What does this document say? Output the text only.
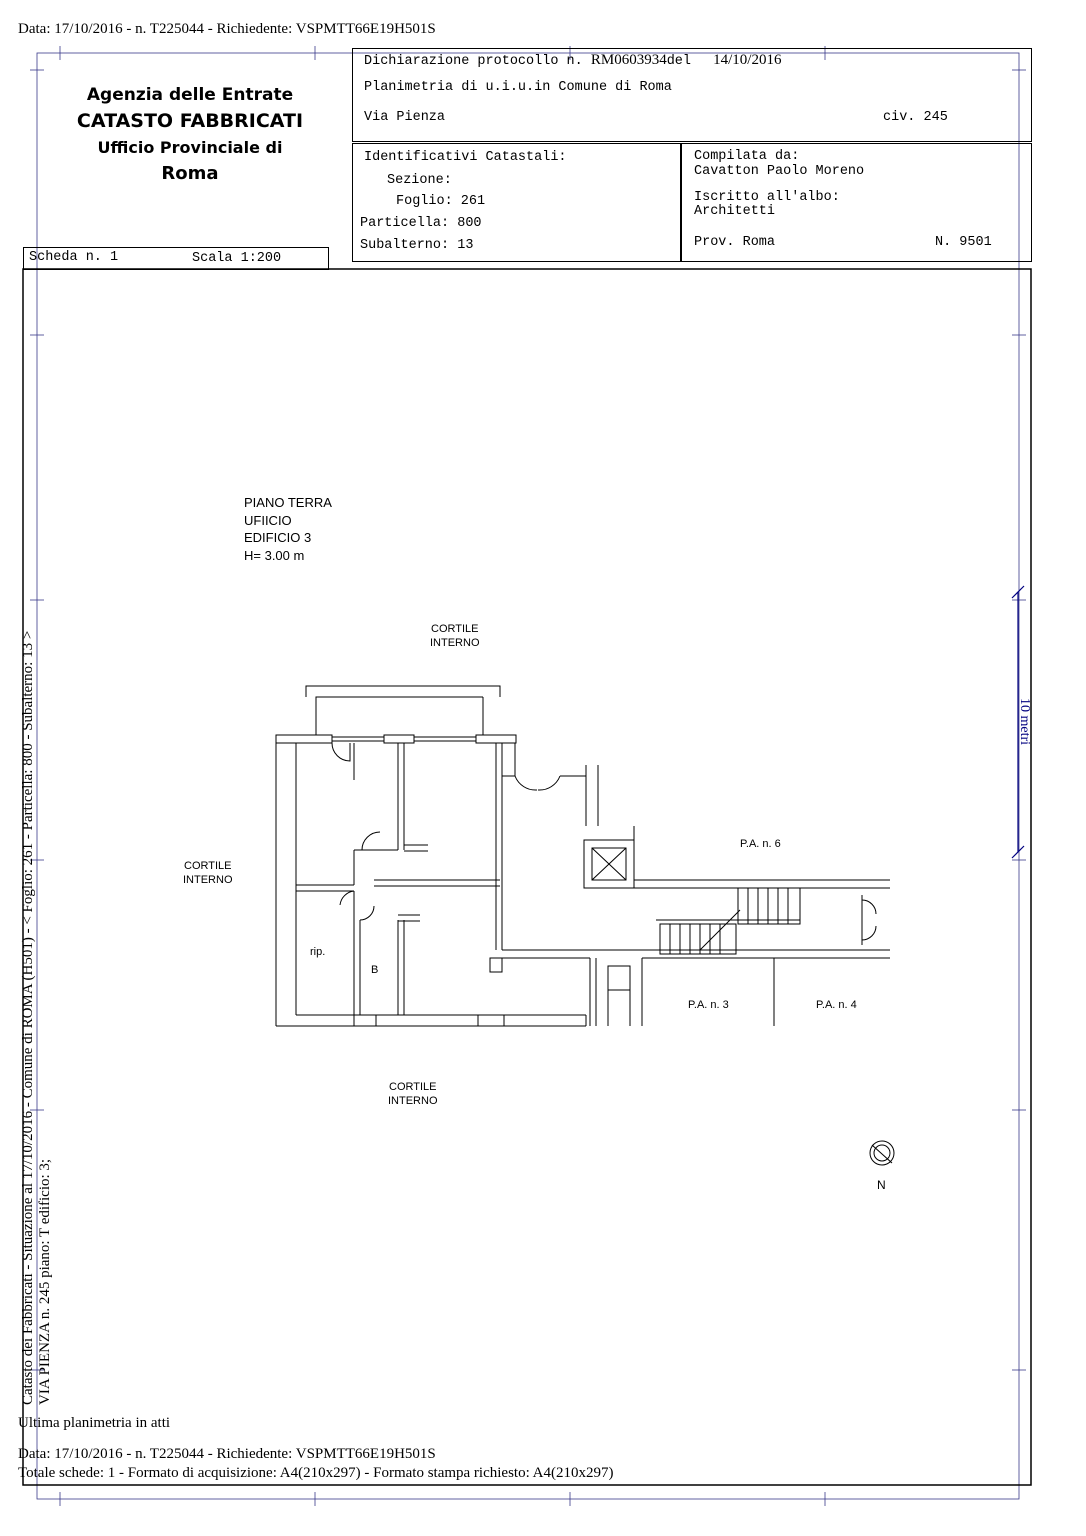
Data: 17/10/2016 - n. T225044 - Richiedente: VSPMTT66E19H501S
Agenzia delle Entrate
CATASTO FABBRICATI
Ufficio Provinciale di
Roma
Dichiarazione protocollo n. RM0603934del 14/10/2016
Planimetria di u.i.u.in Comune di Roma
Via Pienza	civ. 245
Identificativi Catastali:
Sezione:
Foglio: 261
Particella: 800
Subalterno: 13
Compilata da:
Cavatton Paolo Moreno
Iscritto all'albo:
Architetti
Prov. Roma	N. 9501
Scheda n. 1	Scala 1:200
PIANO TERRA
UFIICIO
EDIFICIO 3
H= 3.00 m
CORTILE
INTERNO
CORTILE
INTERNO
CORTILE
INTERNO
rip.
B
P.A. n. 6
P.A. n. 3	P.A. n. 4
N
10 metri
Catasto dei Fabbricati - Situazione al 17/10/2016 - Comune di ROMA (H501) - < Foglio: 261 - Particella: 800 - Subalterno: 13 > VIA PIENZA n. 245 piano: T edificio: 3;
Ultima planimetria in atti
Data: 17/10/2016 - n. T225044 - Richiedente: VSPMTT66E19H501S
Totale schede: 1 - Formato di acquisizione: A4(210x297) - Formato stampa richiesto: A4(210x297)
